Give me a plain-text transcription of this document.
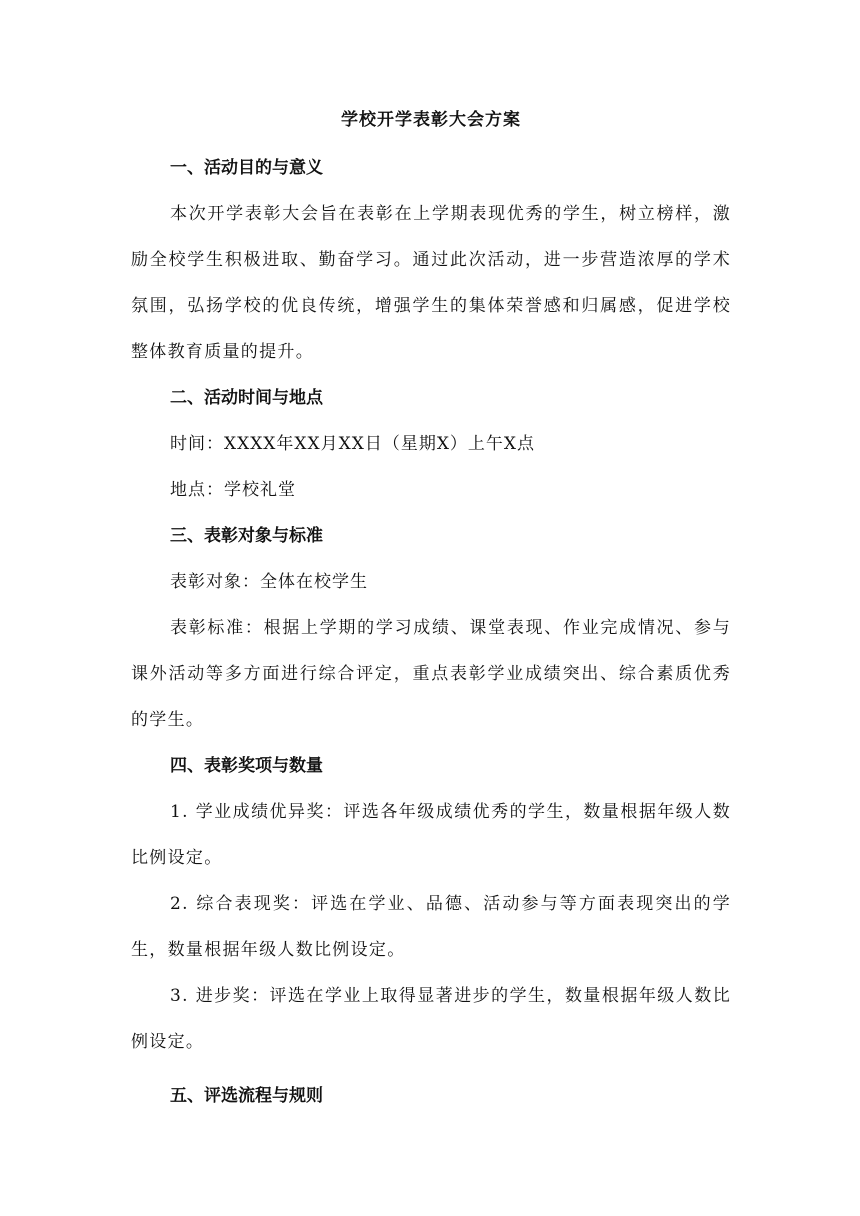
学校开学表彰大会方案
一、活动目的与意义

本次开学表彰大会旨在表彰在上学期表现优秀的学生，树立榜样，激励全校学生积极进取、勤奋学习。通过此次活动，进一步营造浓厚的学术氛围，弘扬学校的优良传统，增强学生的集体荣誉感和归属感，促进学校整体教育质量的提升。

二、活动时间与地点
时间：XXXX年XX月XX日（星期X）上午X点
地点：学校礼堂
三、表彰对象与标准
表彰对象：全体在校学生

表彰标准：根据上学期的学习成绩、课堂表现、作业完成情况、参与课外活动等多方面进行综合评定，重点表彰学业成绩突出、综合素质优秀的学生。

四、表彰奖项与数量

1. 学业成绩优异奖：评选各年级成绩优秀的学生，数量根据年级人数比例设定。

2. 综合表现奖：评选在学业、品德、活动参与等方面表现突出的学生，数量根据年级人数比例设定。

3. 进步奖：评选在学业上取得显著进步的学生，数量根据年级人数比例设定。

五、评选流程与规则
